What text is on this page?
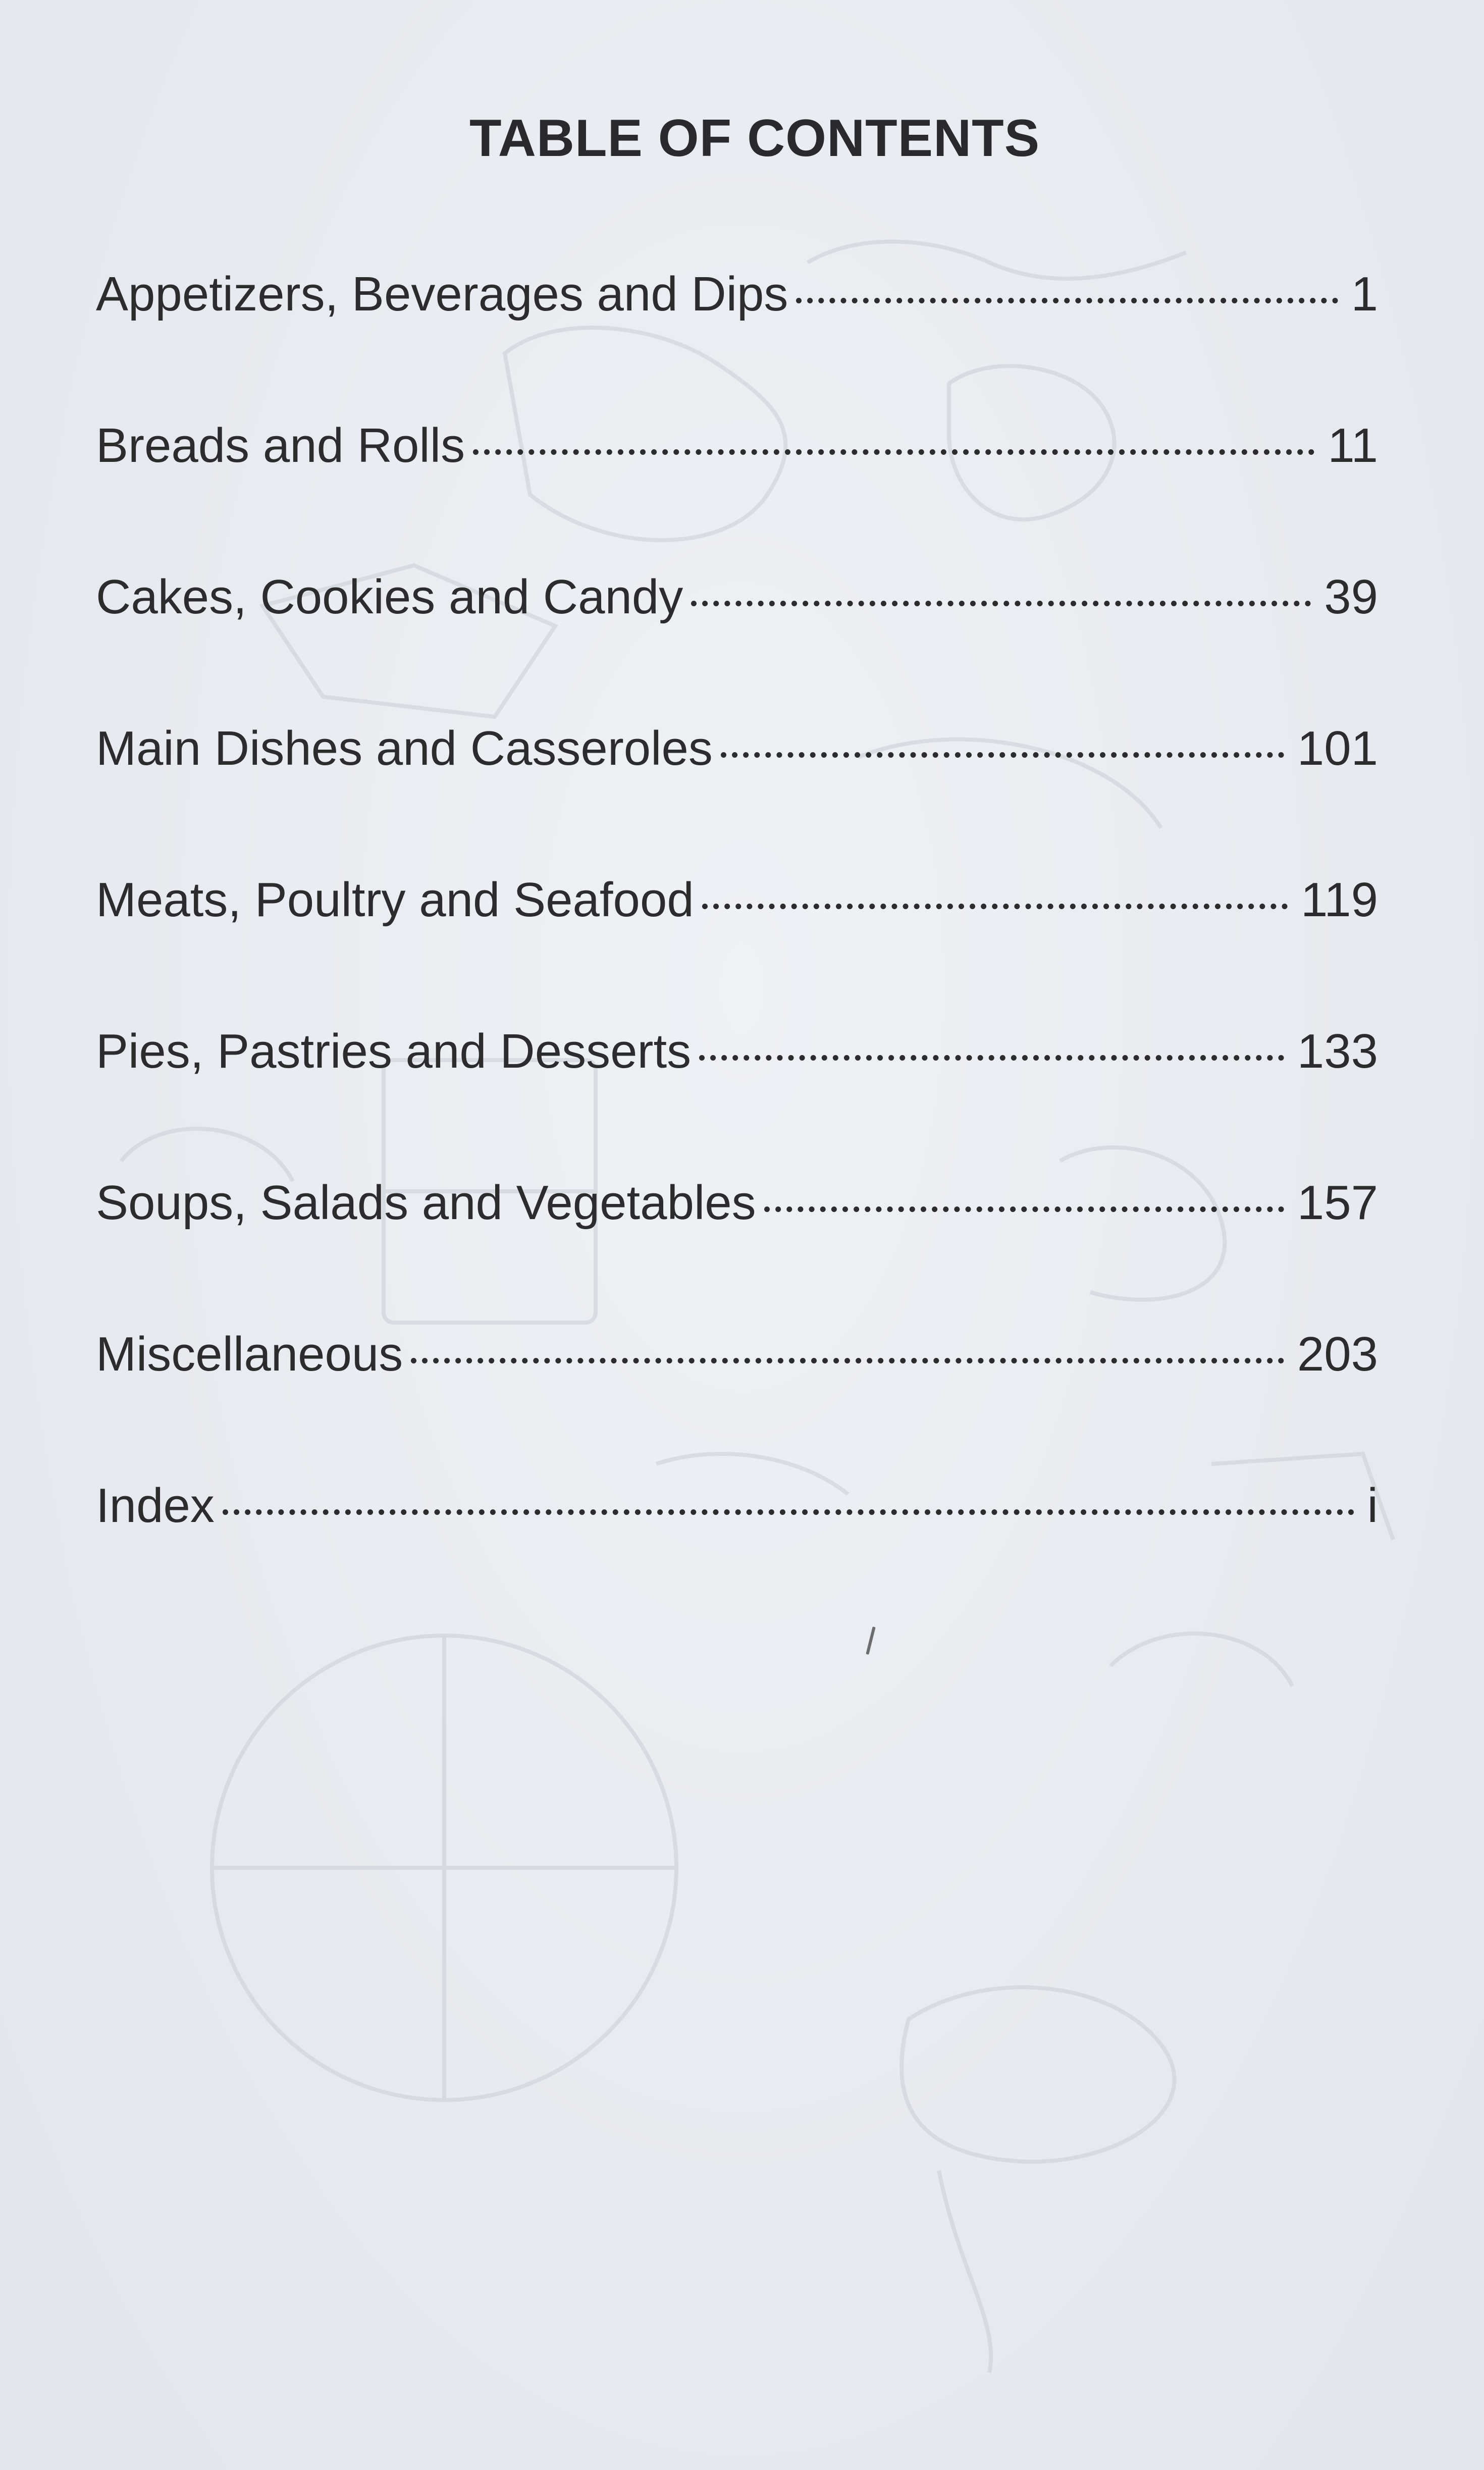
TABLE OF CONTENTS
Appetizers, Beverages and Dips	1
Breads and Rolls	11
Cakes, Cookies and Candy	39
Main Dishes and Casseroles	101
Meats, Poultry and Seafood	119
Pies, Pastries and Desserts	133
Soups, Salads and Vegetables	157
Miscellaneous	203
Index	i
